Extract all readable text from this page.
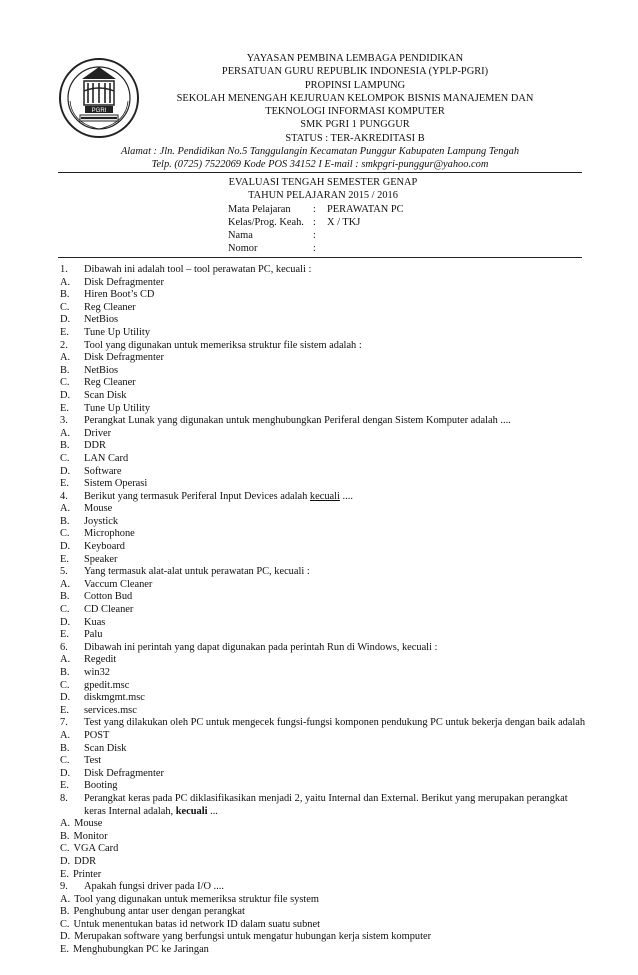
PGRI
YAYASAN PEMBINA LEMBAGA PENDIDIKAN
PERSATUAN GURU REPUBLIK INDONESIA (YPLP-PGRI)
PROPINSI LAMPUNG
SEKOLAH MENENGAH KEJURUAN KELOMPOK BISNIS MANAJEMEN DAN
TEKNOLOGI INFORMASI KOMPUTER
SMK PGRI 1 PUNGGUR
STATUS : TER-AKREDITASI B
Alamat : Jln. Pendidikan No.5 Tanggulangin Kecamatan Punggur Kabupaten Lampung Tengah
Telp. (0725) 7522069 Kode POS 34152 I E-mail : smkpgri-punggur@yahoo.com
EVALUASI TENGAH SEMESTER GENAP
TAHUN PELAJARAN 2015 / 2016
Mata Pelajaran	:	PERAWATAN PC
Kelas/Prog. Keah. :	X / TKJ
Nama	:
Nomor	:
1.	Dibawah ini adalah tool – tool perawatan PC, kecuali :
A.	Disk Defragmenter
B.	Hiren Boot’s CD
C.	Reg Cleaner
D.	NetBios
E.	Tune Up Utility
2.	Tool yang digunakan untuk memeriksa struktur file sistem adalah :
A.	Disk Defragmenter
B.	NetBios
C.	Reg Cleaner
D.	Scan Disk
E.	Tune Up Utility
3.	Perangkat Lunak yang digunakan untuk menghubungkan Periferal dengan Sistem Komputer adalah ....
A.	Driver
B.	DDR
C.	LAN Card
D.	Software
E.	Sistem Operasi
4.	Berikut yang termasuk Periferal Input Devices adalah kecuali ....
A.	Mouse
B.	Joystick
C.	Microphone
D.	Keyboard
E.	Speaker
5.	Yang termasuk alat-alat untuk perawatan PC, kecuali :
A.	Vaccum Cleaner
B.	Cotton Bud
C.	CD Cleaner
D.	Kuas
E.	Palu
6.	Dibawah ini perintah yang dapat digunakan pada perintah Run di Windows, kecuali :
A.	Regedit
B.	win32
C.	gpedit.msc
D.	diskmgmt.msc
E.	services.msc
7.	Test yang dilakukan oleh PC untuk mengecek fungsi-fungsi komponen pendukung PC untuk bekerja dengan baik adalah
A.	POST
B.	Scan Disk
C.	Test
D.	Disk Defragmenter
E.	Booting
8.	Perangkat keras pada PC diklasifikasikan menjadi 2, yaitu Internal dan External. Berikut yang merupakan perangkat keras Internal adalah, kecuali ...
A. Mouse
B. Monitor
C. VGA Card
D. DDR
E. Printer
9.	Apakah fungsi driver pada I/O ....
A. Tool yang digunakan untuk memeriksa struktur file system
B. Penghubung antar user dengan perangkat
C. Untuk menentukan batas id network ID dalam suatu subnet
D. Merupakan software yang berfungsi untuk mengatur hubungan kerja sistem komputer
E. Menghubungkan PC ke Jaringan
